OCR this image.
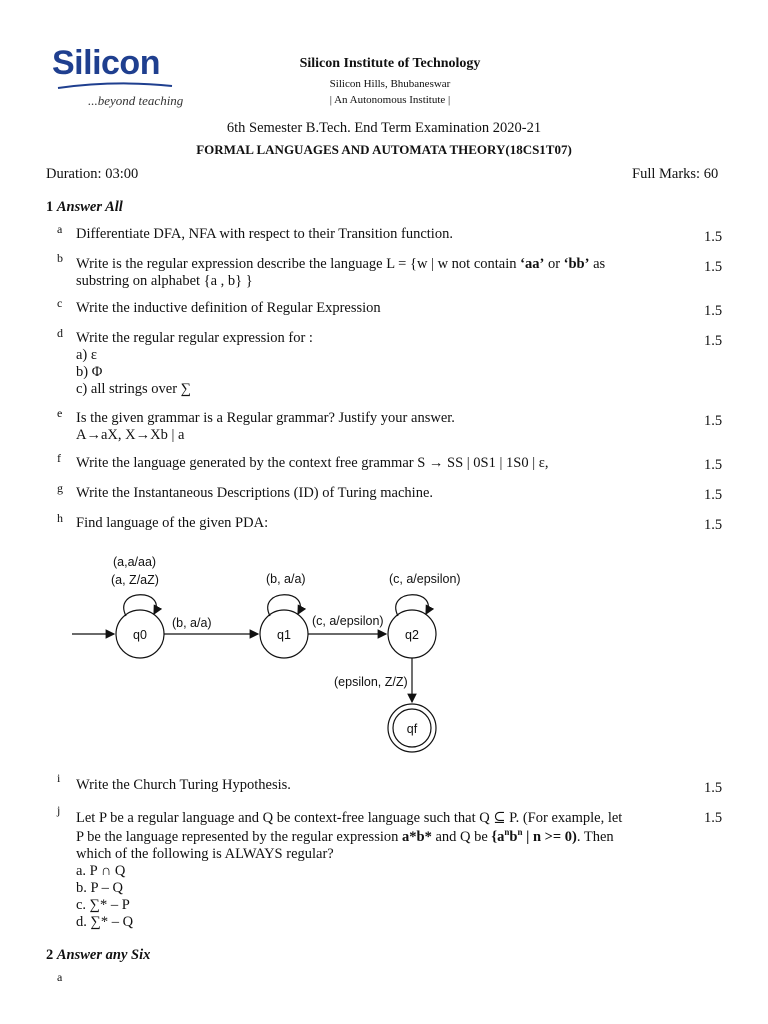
Silicon
...beyond teaching
Silicon Institute of Technology
Silicon Hills, Bhubaneswar
| An Autonomous Institute |
6th Semester B.Tech. End Term Examination 2020-21
FORMAL LANGUAGES AND AUTOMATA THEORY(18CS1T07)
Duration: 03:00	Full Marks: 60
1 Answer All
a Differentiate DFA, NFA with respect to their Transition function.	1.5
b Write is the regular expression describe the language L = {w | w not contain ‘aa’ or ‘bb’ as
substring on alphabet {a , b} }
1.5
c Write the inductive definition of Regular Expression	1.5
d Write the regular regular expression for :
a) ε
b) Φ
c) all strings over ∑
1.5
e Is the given grammar is a Regular grammar? Justify your answer.
A→aX, X→Xb | a
1.5
f Write the language generated by the context free grammar S → SS | 0S1 | 1S0 | ε,	1.5
g Write the Instantaneous Descriptions (ID) of Turing machine.	1.5
h Find language of the given PDA:	1.5
q0	q1	q2
qf
(a,a/aa)
(a, Z/aZ)	(b, a/a)	(c, a/epsilon)
(b, a/a)	(c, a/epsilon)
(epsilon, Z/Z)
i Write the Church Turing Hypothesis.	1.5
j Let P be a regular language and Q be context-free language such that Q ⊆ P. (For example, let
P be the language represented by the regular expression a*b* and Q be {$a^nb^n$ | n >= 0). Then
which of the following is ALWAYS regular?
a. P ∩ Q
b. P – Q
c. ∑* – P
d. ∑* – Q
1.5
2 Answer any Six
a
